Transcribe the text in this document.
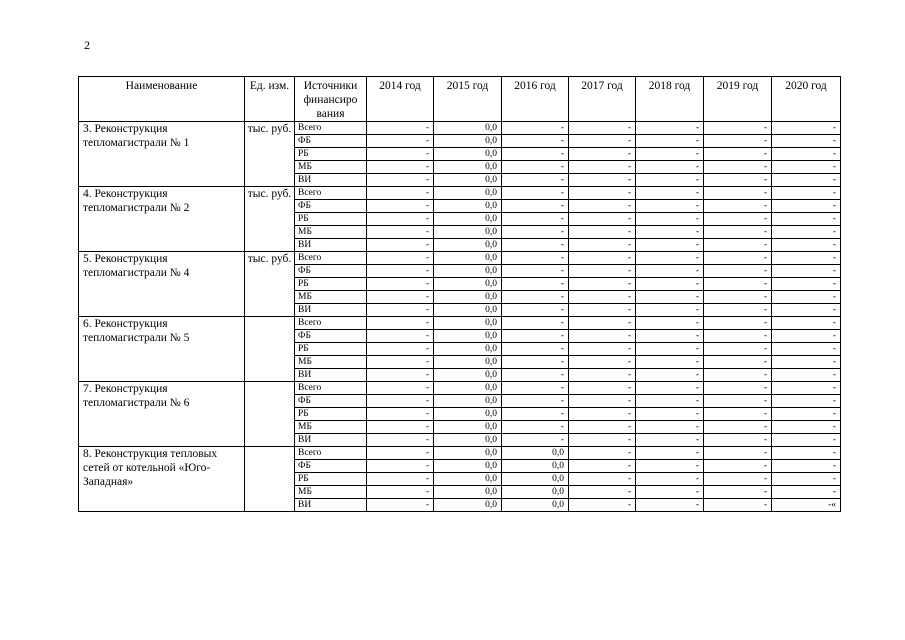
2
Наименование	Ед. изм.	Источники финансиро вания	2014 год	2015 год	2016 год	2017 год	2018 год	2019 год	2020 год
3. Реконструкция тепломагистрали № 1	тыс. руб.	Всего	-	0,0	-	-	-	-	-
		ФБ	-	0,0	-	-	-	-	-
		РБ	-	0,0	-	-	-	-	-
		МБ	-	0,0	-	-	-	-	-
		ВИ	-	0,0	-	-	-	-	-
4. Реконструкция тепломагистрали № 2	тыс. руб.	Всего	-	0,0	-	-	-	-	-
		ФБ	-	0,0	-	-	-	-	-
		РБ	-	0,0	-	-	-	-	-
		МБ	-	0,0	-	-	-	-	-
		ВИ	-	0,0	-	-	-	-	-
5. Реконструкция тепломагистрали № 4	тыс. руб.	Всего	-	0,0	-	-	-	-	-
		ФБ	-	0,0	-	-	-	-	-
		РБ	-	0,0	-	-	-	-	-
		МБ	-	0,0	-	-	-	-	-
		ВИ	-	0,0	-	-	-	-	-
6. Реконструкция тепломагистрали № 5		Всего	-	0,0	-	-	-	-	-
		ФБ	-	0,0	-	-	-	-	-
		РБ	-	0,0	-	-	-	-	-
		МБ	-	0,0	-	-	-	-	-
		ВИ	-	0,0	-	-	-	-	-
7. Реконструкция тепломагистрали № 6		Всего	-	0,0	-	-	-	-	-
		ФБ	-	0,0	-	-	-	-	-
		РБ	-	0,0	-	-	-	-	-
		МБ	-	0,0	-	-	-	-	-
		ВИ	-	0,0	-	-	-	-	-
8. Реконструкция тепловых сетей от котельной «Юго-Западная»		Всего	-	0,0	0,0	-	-	-	-
		ФБ	-	0,0	0,0	-	-	-	-
		РБ	-	0,0	0,0	-	-	-	-
		МБ	-	0,0	0,0	-	-	-	-
		ВИ	-	0,0	0,0	-	-	-	-«
